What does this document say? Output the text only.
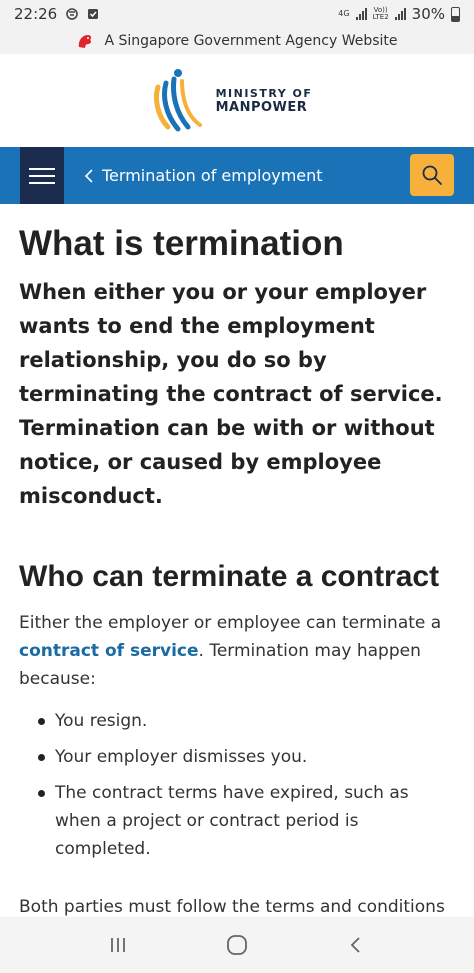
22:26	4G	Vo))
LTE2 30%
A Singapore Government Agency Website
MINISTRY OF
MANPOWER
Termination of employment
What is termination

When either you or your employer wants to end the employment relationship, you do so by terminating the contract of service. Termination can be with or without notice, or caused by employee misconduct.

Who can terminate a contract

Either the employer or employee can terminate a contract of service. Termination may happen because:

You resign.
Your employer dismisses you.
The contract terms have expired, such as when a project or contract period is completed.

Both parties must follow the terms and conditions
